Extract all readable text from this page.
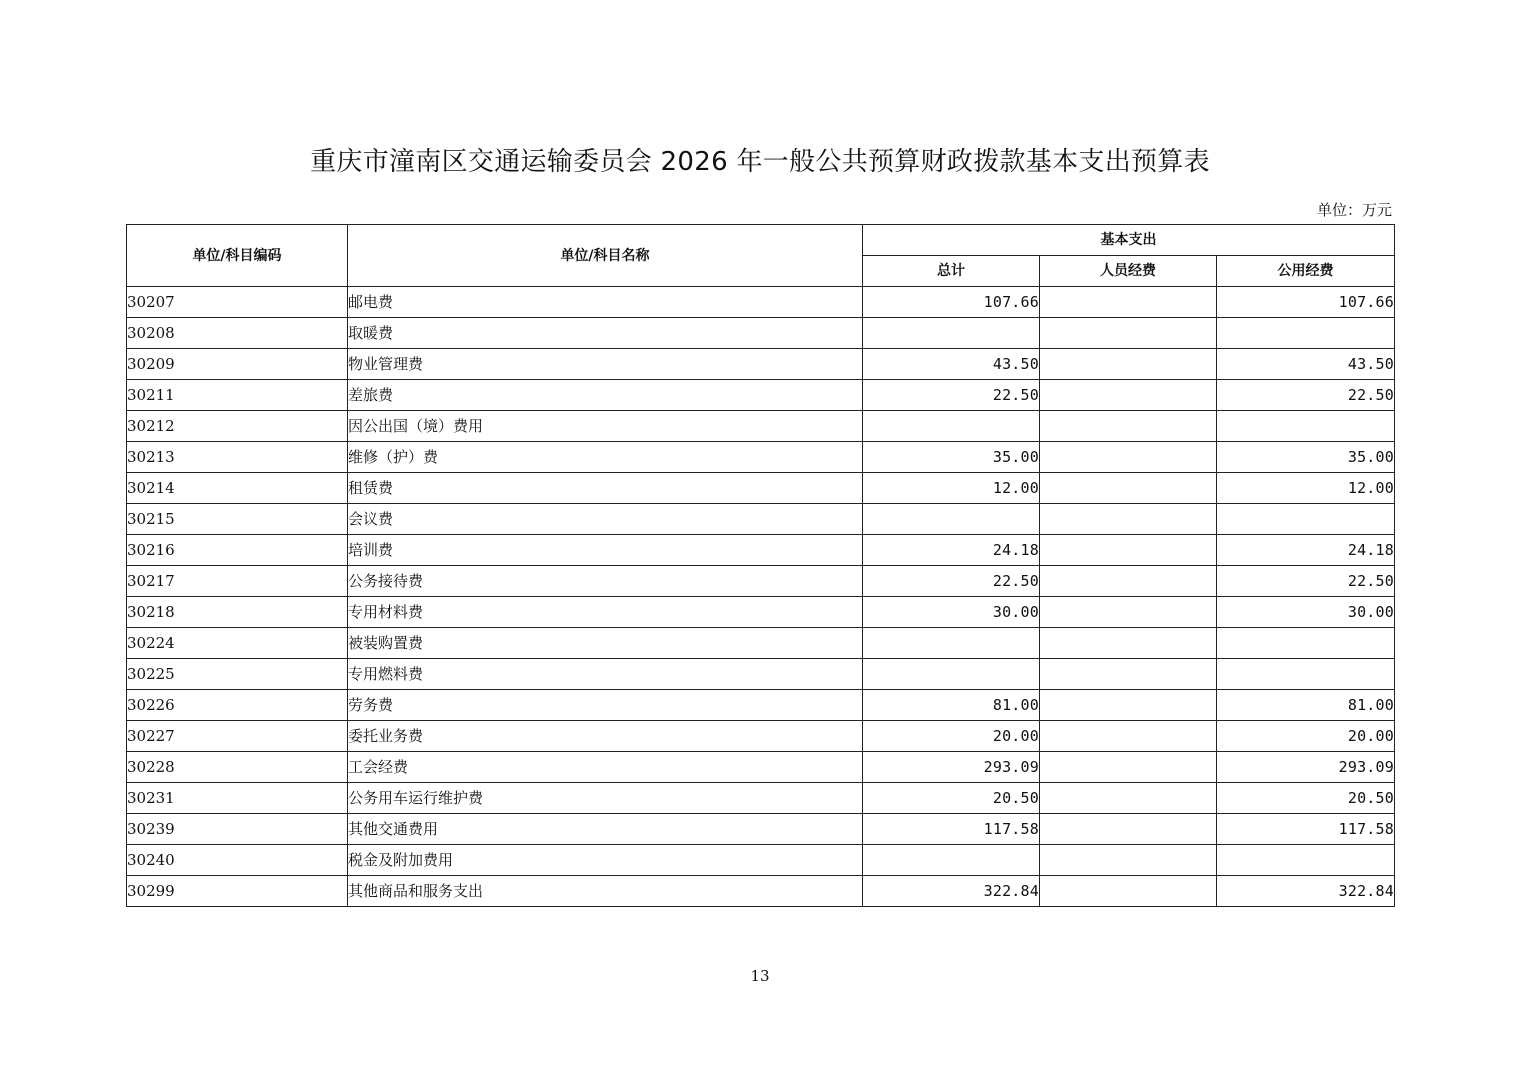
重庆市潼南区交通运输委员会 2026 年一般公共预算财政拨款基本支出预算表
单位：万元
单位/科目编码	单位/科目名称	基本支出		
		总计	人员经费	公用经费
30207	邮电费	107.66		107.66
30208	取暖费			
30209	物业管理费	43.50		43.50
30211	差旅费	22.50		22.50
30212	因公出国（境）费用			
30213	维修（护）费	35.00		35.00
30214	租赁费	12.00		12.00
30215	会议费			
30216	培训费	24.18		24.18
30217	公务接待费	22.50		22.50
30218	专用材料费	30.00		30.00
30224	被装购置费			
30225	专用燃料费			
30226	劳务费	81.00		81.00
30227	委托业务费	20.00		20.00
30228	工会经费	293.09		293.09
30231	公务用车运行维护费	20.50		20.50
30239	其他交通费用	117.58		117.58
30240	税金及附加费用			
30299	其他商品和服务支出	322.84		322.84
13
